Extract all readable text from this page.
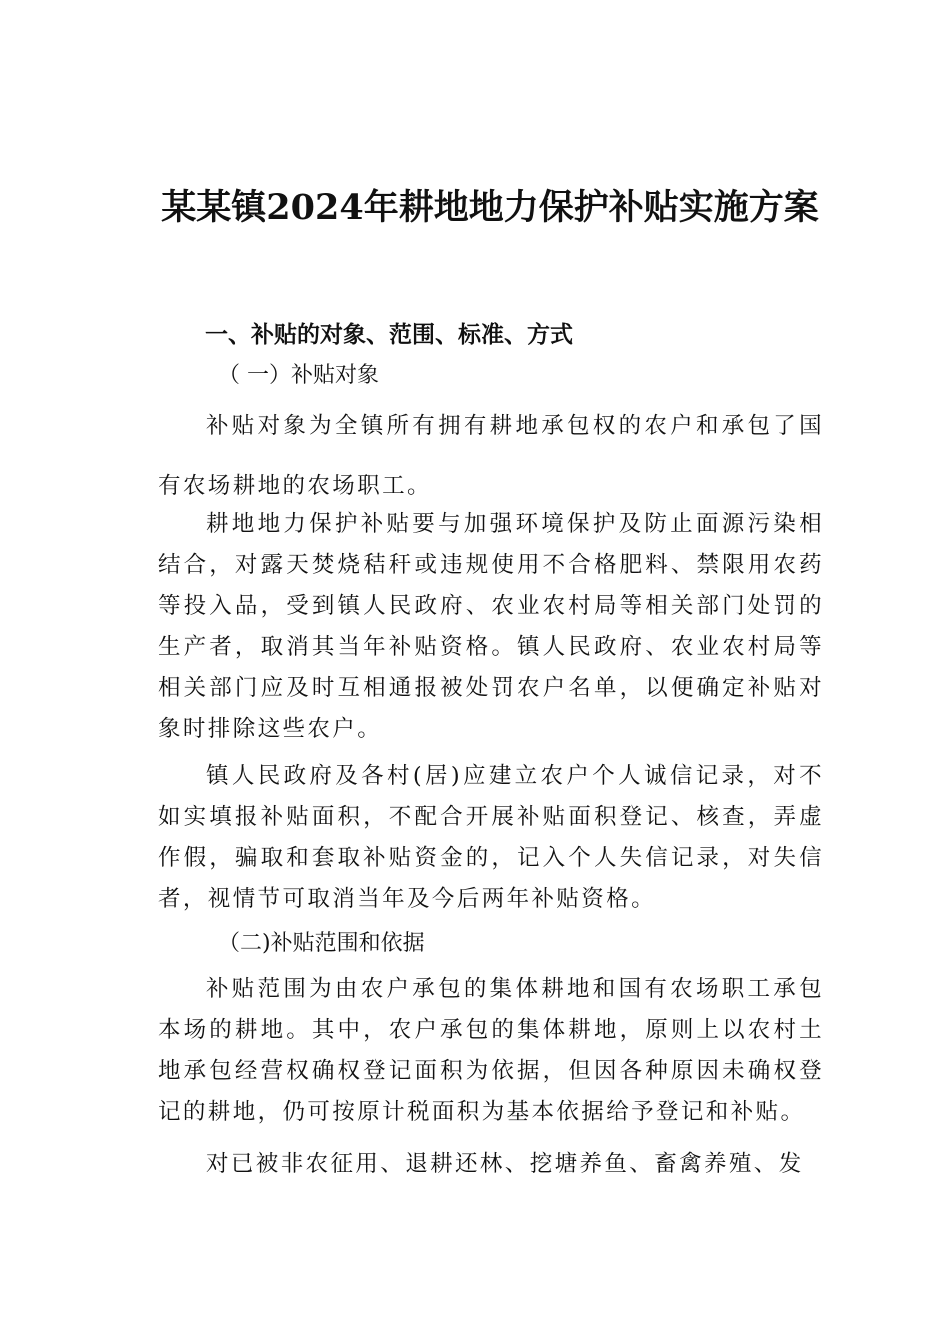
某某镇2024年耕地地力保护补贴实施方案
一、补贴的对象、范围、标准、方式
（ 一）补贴对象

补贴对象为全镇所有拥有耕地承包权的农户和承包了国有农场耕地的农场职工。

耕地地力保护补贴要与加强环境保护及防止面源污染相结合，对露天焚烧秸秆或违规使用不合格肥料、禁限用农药等投入品，受到镇人民政府、农业农村局等相关部门处罚的生产者，取消其当年补贴资格。镇人民政府、农业农村局等相关部门应及时互相通报被处罚农户名单，以便确定补贴对象时排除这些农户。

镇人民政府及各村(居)应建立农户个人诚信记录，对不如实填报补贴面积，不配合开展补贴面积登记、核查，弄虚作假，骗取和套取补贴资金的，记入个人失信记录，对失信者，视情节可取消当年及今后两年补贴资格。

（二)补贴范围和依据

补贴范围为由农户承包的集体耕地和国有农场职工承包本场的耕地。其中，农户承包的集体耕地，原则上以农村土地承包经营权确权登记面积为依据，但因各种原因未确权登记的耕地，仍可按原计税面积为基本依据给予登记和补贴。

对已被非农征用、退耕还林、挖塘养鱼、畜禽养殖、发
